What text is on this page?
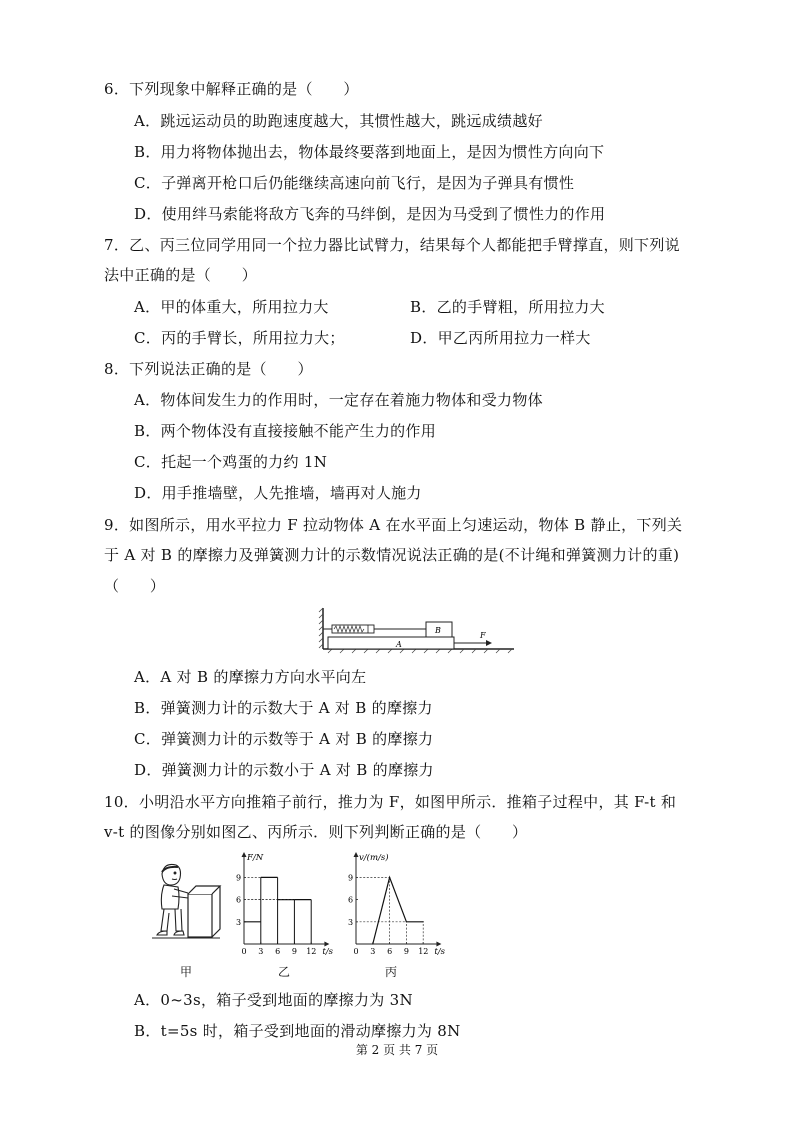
6．下列现象中解释正确的是（　　）
A．跳远运动员的助跑速度越大，其惯性越大，跳远成绩越好
B．用力将物体抛出去，物体最终要落到地面上，是因为惯性方向向下
C．子弹离开枪口后仍能继续高速向前飞行，是因为子弹具有惯性
D．使用绊马索能将敌方飞奔的马绊倒，是因为马受到了惯性力的作用
7．乙、丙三位同学用同一个拉力器比试臂力，结果每个人都能把手臂撑直，则下列说
法中正确的是（　　）
A．甲的体重大，所用拉力大	B．乙的手臂粗，所用拉力大
C．丙的手臂长，所用拉力大；	D．甲乙丙所用拉力一样大
8．下列说法正确的是（　　）
A．物体间发生力的作用时，一定存在着施力物体和受力物体
B．两个物体没有直接接触不能产生力的作用
C．托起一个鸡蛋的力约 1N
D．用手推墙壁，人先推墙，墙再对人施力
9．如图所示，用水平拉力 F 拉动物体 A 在水平面上匀速运动，物体 B 静止，下列关
于 A 对 B 的摩擦力及弹簧测力计的示数情况说法正确的是(不计绳和弹簧测力计的重)
（　　）
A
B
F
A．A 对 B 的摩擦力方向水平向左
B．弹簧测力计的示数大于 A 对 B 的摩擦力
C．弹簧测力计的示数等于 A 对 B 的摩擦力
D．弹簧测力计的示数小于 A 对 B 的摩擦力
10．小明沿水平方向推箱子前行，推力为 F，如图甲所示．推箱子过程中，其 F-t 和
v-t 的图像分别如图乙、丙所示．则下列判断正确的是（　　）
甲
F/N
t/s
0 3 6 9 12
3
6
9
乙
v/(m/s)
t/s
0 3 6 9 12
3
6
9
丙
A．0~3s，箱子受到地面的摩擦力为 3N
B．t=5s 时，箱子受到地面的滑动摩擦力为 8N
第 2 页 共 7 页
